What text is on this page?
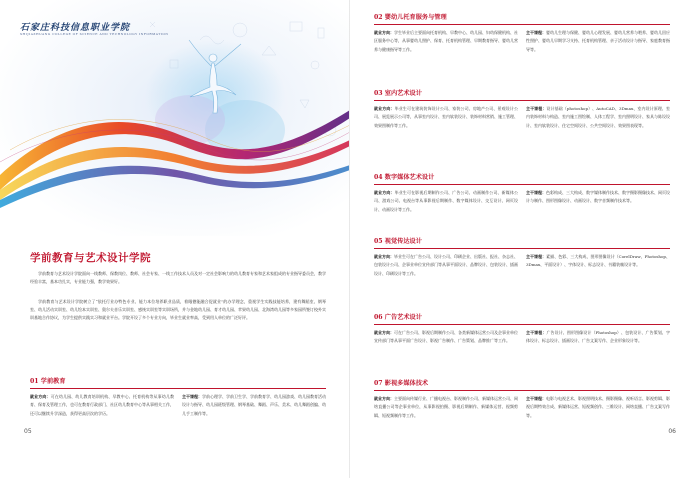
石家庄科技信息职业学院
SHIJIAZHUANG COLLEGE OF SCIENCE AND TECHNOLOGY INFORMATION
学前教育与艺术设计学院
学前教育与艺术设计学院面向一线教师、保教岗位、教师、社会专家、一线工作技术人员及对一定社会影响力的幼儿教育专家和艺术家组成的专业指导委员会，教学经验丰富，基本功扎实，专业能力强，教学效果好。
学前教育与艺术设计学院树立了“依托行业办特色专业、能力本位培养职业品质，着眼德能融合促就业”的办学理念，重视学生实践技能培养，建有舞蹈室、钢琴室、幼儿活动实训室、幼儿绘本实训室、奥尔夫音乐实训室、感统实训室等实训场所，并与金地幼儿园、育才幼儿园、苹果幼儿园、北海湾幼儿园等多家园所签订校外实训基地合作协议，为学生提供实践实习和就业平台。学院开设了多个专业方向，毕业生就业率高，受到用人单位的广泛好评。
01 学前教育
就业方向：可在幼儿园、幼儿教育培训机构、早教中心、托育机构等从事幼儿教育、保育及管理工作，也可在教育行政部门、社区幼儿教育中心等从事相关工作，还可以继续升学深造，获得更高层次的学历。
主干课程：学前心理学、学前卫生学、学前教育学、幼儿园游戏、幼儿园教育活动设计与指导、幼儿园班级管理、钢琴基础、舞蹈、声乐、美术、幼儿舞蹈创编、幼儿手工制作等。
05
02 婴幼儿托育服务与管理
就业方向：学生毕业后主要面向托育机构、早教中心、幼儿园、妇幼保健机构、社区服务中心等，从事婴幼儿照护、保育、托育机构管理、早期教育指导、婴幼儿营养与健康指导等工作。
主干课程：婴幼儿生理与保健、婴幼儿心理发展、婴幼儿营养与喂养、婴幼儿回应性照护、婴幼儿早期学习支持、托育机构管理、亲子活动设计与指导、家庭教育指导等。
03 室内艺术设计
就业方向：毕业生可在建筑装饰设计公司、家装公司、房地产公司、景观设计公司、展览展示公司等，从事室内设计、室内软装设计、装饰材料营销、施工管理、效果图制作等工作。
主干课程：设计基础（photoshop）、AutoCAD、3Dmax、室内设计原理、室内装饰材料与构造、室内施工图绘制、人体工程学、室内照明设计、家具与陈设设计、室内软装设计、住宅空间设计、公共空间设计、效果图表现等。
04 数字媒体艺术设计
就业方向：毕业生可在影视后期制作公司、广告公司、动画制作公司、新媒体公司、游戏公司、电视台等从事影视后期制作、数字媒体设计、交互设计、网页设计、动画设计等工作。
主干课程：色彩构成、三大构成、数字媒体制作技术、数字摄影摄像技术、网页设计与制作、图形图像设计、动画设计、数字音频制作技术等。
05 视觉传达设计
就业方向：毕业生可在广告公司、设计公司、印刷企业、出版社、报社、杂志社、包装设计公司、企事业单位宣传部门等从事平面设计、品牌设计、包装设计、插画设计、印刷设计等工作。
主干课程：素描、色彩、三大构成、图形图像设计（CorelDraw、Photoshop、3Dmax、平面设计）、字体设计、标志设计、书籍装帧设计等。
06 广告艺术设计
就业方向：可在广告公司、影视后期制作公司、各类新媒体运营公司及企事业单位宣传部门等从事平面广告设计、影视广告制作、广告策划、品牌推广等工作。
主干课程：广告设计、图形图像设计（Photoshop）、包装设计、广告策划、字体设计、标志设计、插画设计、广告文案写作、企业形象设计等。
07 影视多媒体技术
就业方向：主要面向传媒行业、广播电视台、影视制作公司、新媒体运营公司、网络直播公司等企事业单位，从事影视拍摄、影视后期制作、新媒体运营、视频剪辑、短视频制作等工作。
主干课程：电影与电视艺术、影视照明技术、摄影摄像、视听语言、影视剪辑、影视后期特效合成、新媒体运营、短视频创作、三维设计、网络直播、广告文案写作等。
06
